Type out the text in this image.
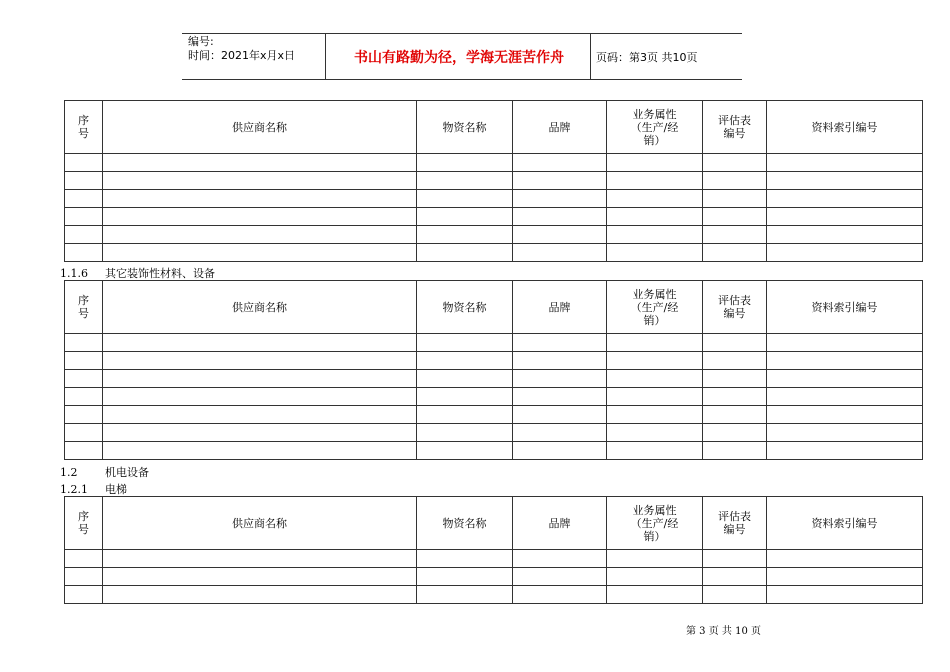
编号:
时间：2021年x月x日	书山有路勤为径，学海无涯苦作舟	页码：第3页 共10页
序
号	供应商名称	物资名称	品牌	业务属性
（生产/经
销）	评估表
编号	资料索引编号

1.1.6 其它装饰性材料、设备
序
号	供应商名称	物资名称	品牌	业务属性
（生产/经
销）	评估表
编号	资料索引编号

1.2	机电设备
1.2.1 电梯
序
号	供应商名称	物资名称	品牌	业务属性
（生产/经
销）	评估表
编号	资料索引编号

第 3 页 共 10 页
